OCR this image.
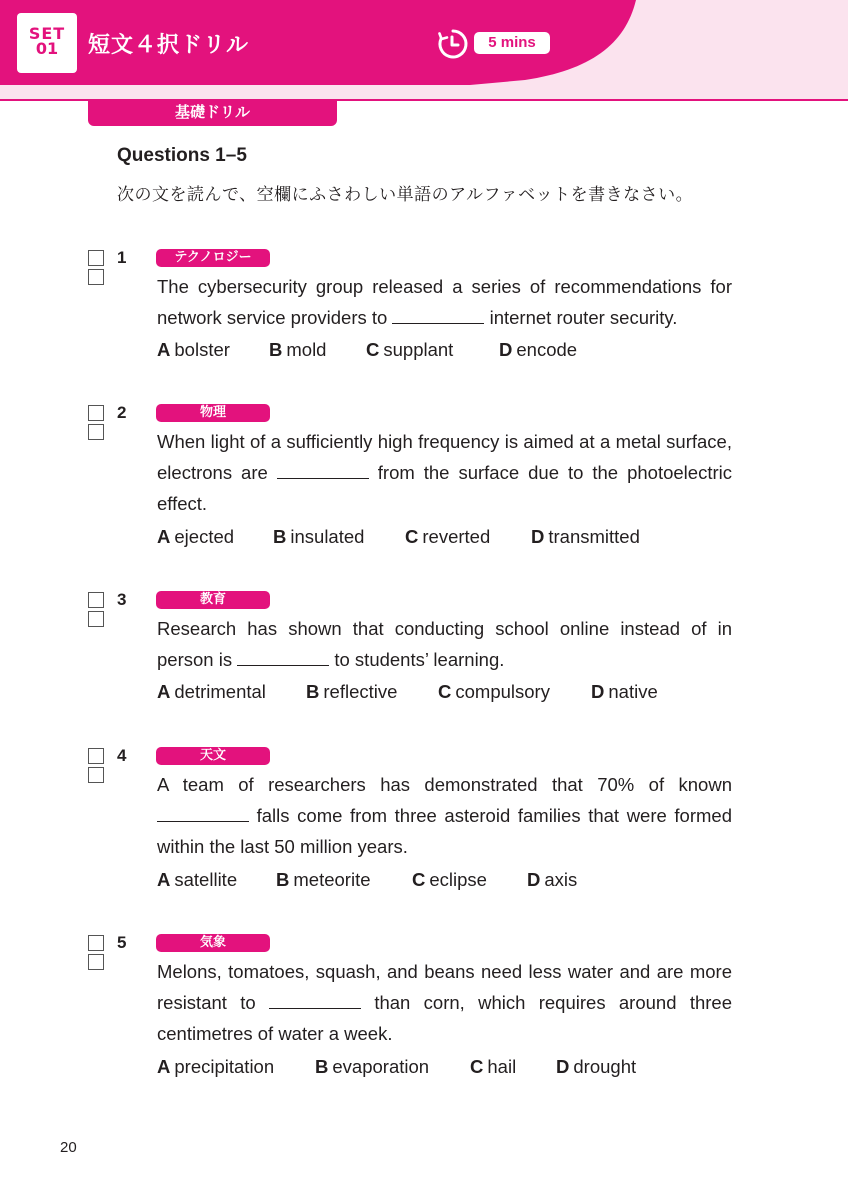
SET
01	短文４択ドリル	5 mins
基礎ドリル
Questions 1–5
次の文を読んで、空欄にふさわしい単語のアルファベットを書きなさい。
1	テクノロジー
The cybersecurity group released a series of recommendations for network service providers to	internet router security.
A bolster B mold C supplant D encode
2	物理
When light of a sufficiently high frequency is aimed at a metal surface, electrons are	from the surface due to the photoelectric effect.
A ejected B insulated C reverted D transmitted
3	教育
Research has shown that conducting school online instead of in person is	to students’ learning.
A detrimental B reflective C compulsory D native
4	天文
A team of researchers has demonstrated that 70% of known  falls come from three asteroid families that were formed within the last 50 million years.
A satellite B meteorite C eclipse D axis
5	気象
Melons, tomatoes, squash, and beans need less water and are more resistant to	than corn, which requires around three centimetres of water a week.
A precipitation B evaporation C hail D drought
20
